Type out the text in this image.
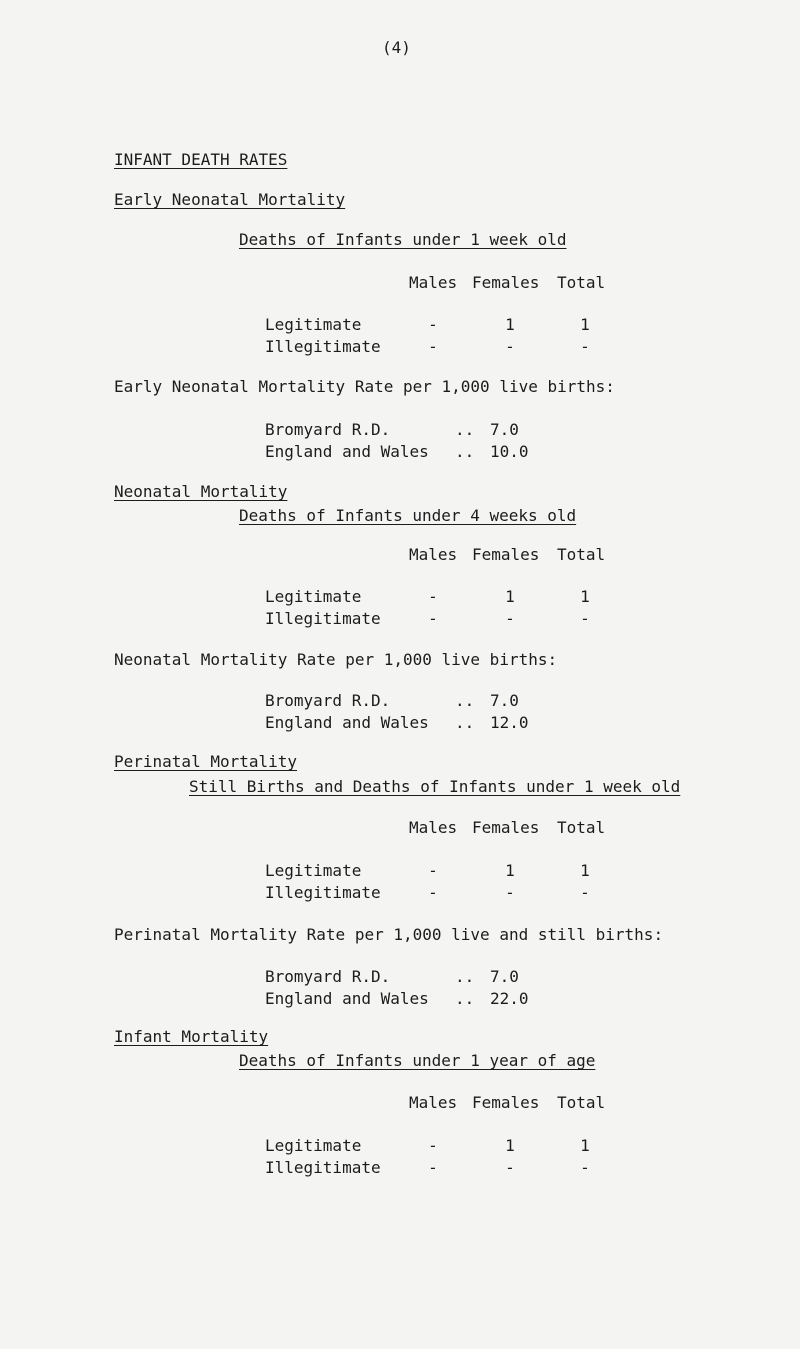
(4)
INFANT DEATH RATES
Early Neonatal Mortality
Deaths of Infants under 1 week old
Males Females Total
Legitimate	-	1	1
Illegitimate	-	-	-
Early Neonatal Mortality Rate per 1,000 live births:
Bromyard R.D.	.. 7.0
England and Wales .. 10.0
Neonatal Mortality
Deaths of Infants under 4 weeks old
Males Females Total
Legitimate	-	1	1
Illegitimate	-	-	-
Neonatal Mortality Rate per 1,000 live births:
Bromyard R.D.	.. 7.0
England and Wales .. 12.0
Perinatal Mortality
Still Births and Deaths of Infants under 1 week old
Males Females Total
Legitimate	-	1	1
Illegitimate	-	-	-
Perinatal Mortality Rate per 1,000 live and still births:
Bromyard R.D.	.. 7.0
England and Wales .. 22.0
Infant Mortality
Deaths of Infants under 1 year of age
Males Females Total
Legitimate	-	1	1
Illegitimate	-	-	-
